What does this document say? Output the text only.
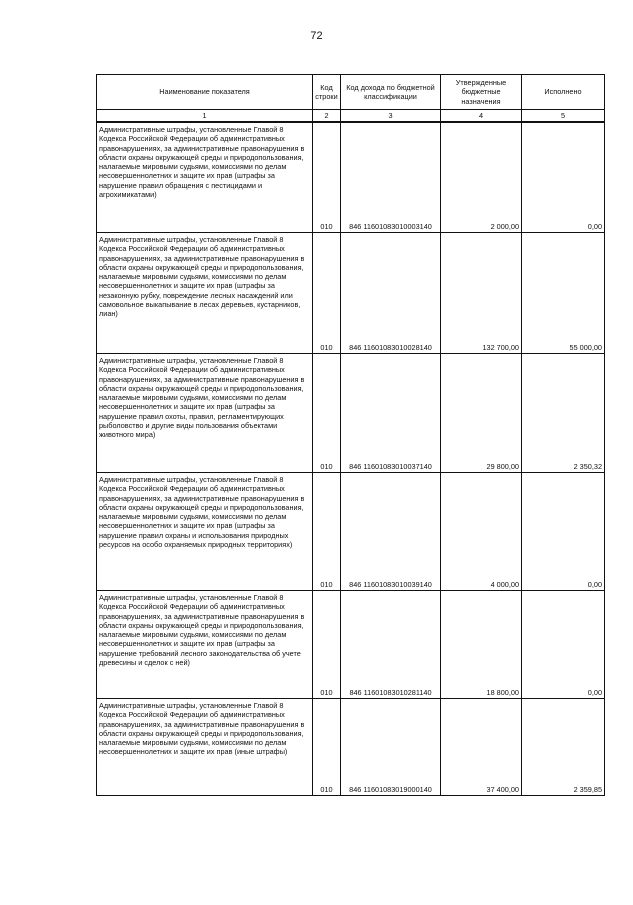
72
Наименование показателя	Код строки	Код дохода по бюджетной классификации	Утвержденные бюджетные назначения	Исполнено
1	2	3	4	5
Административные штрафы, установленные Главой 8 Кодекса Российской Федерации об административных правонарушениях, за административные правонарушения в области охраны окружающей среды и природопользования, налагаемые мировыми судьями, комиссиями по делам несовершеннолетних и защите их прав (штрафы за нарушение правил обращения с пестицидами и агрохимикатами)	010	846 11601083010003140	2 000,00	0,00
Административные штрафы, установленные Главой 8 Кодекса Российской Федерации об административных правонарушениях, за административные правонарушения в области охраны окружающей среды и природопользования, налагаемые мировыми судьями, комиссиями по делам несовершеннолетних и защите их прав (штрафы за незаконную рубку, повреждение лесных насаждений или самовольное выкапывание в лесах деревьев, кустарников, лиан)	010	846 11601083010028140	132 700,00	55 000,00
Административные штрафы, установленные Главой 8 Кодекса Российской Федерации об административных правонарушениях, за административные правонарушения в области охраны окружающей среды и природопользования, налагаемые мировыми судьями, комиссиями по делам несовершеннолетних и защите их прав (штрафы за нарушение правил охоты, правил, регламентирующих рыболовство и другие виды пользования объектами животного мира)	010	846 11601083010037140	29 800,00	2 350,32
Административные штрафы, установленные Главой 8 Кодекса Российской Федерации об административных правонарушениях, за административные правонарушения в области охраны окружающей среды и природопользования, налагаемые мировыми судьями, комиссиями по делам несовершеннолетних и защите их прав (штрафы за нарушение правил охраны и использования природных ресурсов на особо охраняемых природных территориях)	010	846 11601083010039140	4 000,00	0,00
Административные штрафы, установленные Главой 8 Кодекса Российской Федерации об административных правонарушениях, за административные правонарушения в области охраны окружающей среды и природопользования, налагаемые мировыми судьями, комиссиями по делам несовершеннолетних и защите их прав (штрафы за нарушение требований лесного законодательства об учете древесины и сделок с ней)	010	846 11601083010281140	18 800,00	0,00
Административные штрафы, установленные Главой 8 Кодекса Российской Федерации об административных правонарушениях, за административные правонарушения в области охраны окружающей среды и природопользования, налагаемые мировыми судьями, комиссиями по делам несовершеннолетних и защите их прав (иные штрафы)	010	846 11601083019000140	37 400,00	2 359,85
